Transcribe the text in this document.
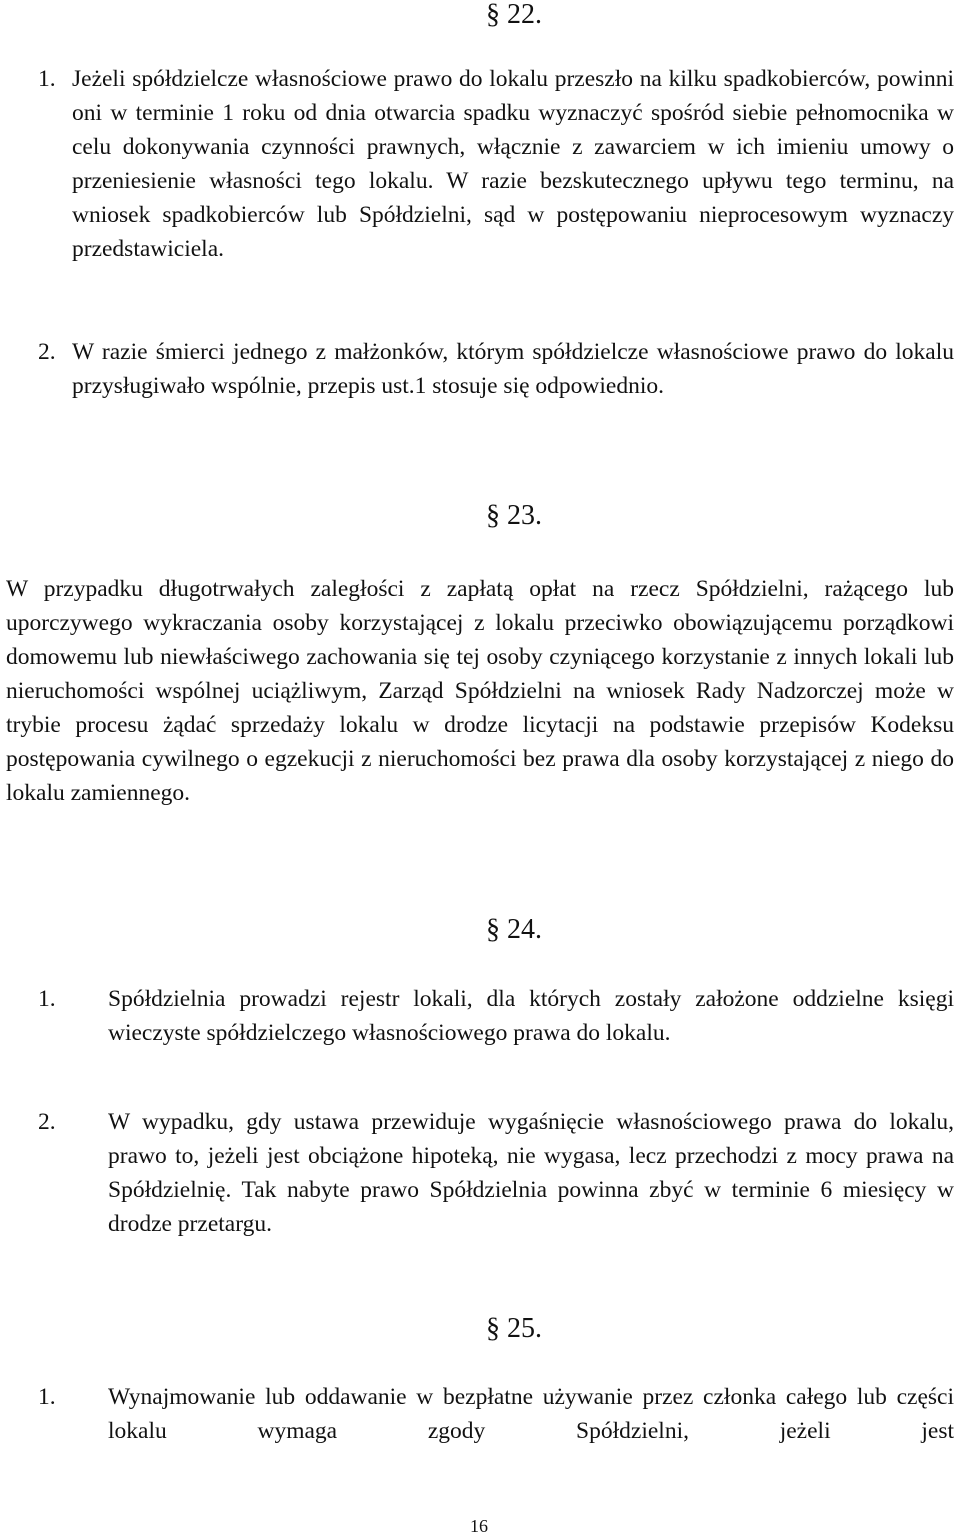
§ 22.
1. Jeżeli spółdzielcze własnościowe prawo do lokalu przeszło na kilku spadkobierców, powinni oni w terminie 1 roku od dnia otwarcia spadku wyznaczyć spośród siebie pełnomocnika w celu dokonywania czynności prawnych, włącznie z zawarciem w ich imieniu umowy o przeniesienie własności tego lokalu. W razie bezskutecznego upływu tego terminu, na wniosek spadkobierców lub Spółdzielni, sąd w postępowaniu nieprocesowym wyznaczy przedstawiciela.
2. W razie śmierci jednego z małżonków, którym spółdzielcze własnościowe prawo do lokalu przysługiwało wspólnie, przepis ust.1 stosuje się odpowiednio.
§ 23.
W przypadku długotrwałych zaległości z zapłatą opłat na rzecz Spółdzielni, rażącego lub uporczywego wykraczania osoby korzystającej z lokalu przeciwko obowiązującemu porządkowi domowemu lub niewłaściwego zachowania się tej osoby czyniącego korzystanie z innych lokali lub nieruchomości wspólnej uciążliwym, Zarząd Spółdzielni na wniosek Rady Nadzorczej może w trybie procesu żądać sprzedaży lokalu w drodze licytacji na podstawie przepisów Kodeksu postępowania cywilnego o egzekucji z nieruchomości bez prawa dla osoby korzystającej z niego do lokalu zamiennego.
§ 24.
1. Spółdzielnia prowadzi rejestr lokali, dla których zostały założone oddzielne księgi wieczyste spółdzielczego własnościowego prawa do lokalu.
2. W wypadku, gdy ustawa przewiduje wygaśnięcie własnościowego prawa do lokalu, prawo to, jeżeli jest obciążone hipoteką, nie wygasa, lecz przechodzi z mocy prawa na Spółdzielnię. Tak nabyte prawo Spółdzielnia powinna zbyć w terminie 6 miesięcy w drodze przetargu.
§ 25.
1. Wynajmowanie lub oddawanie w bezpłatne używanie przez członka całego lub części lokalu wymaga zgody Spółdzielni, jeżeli jest
16
